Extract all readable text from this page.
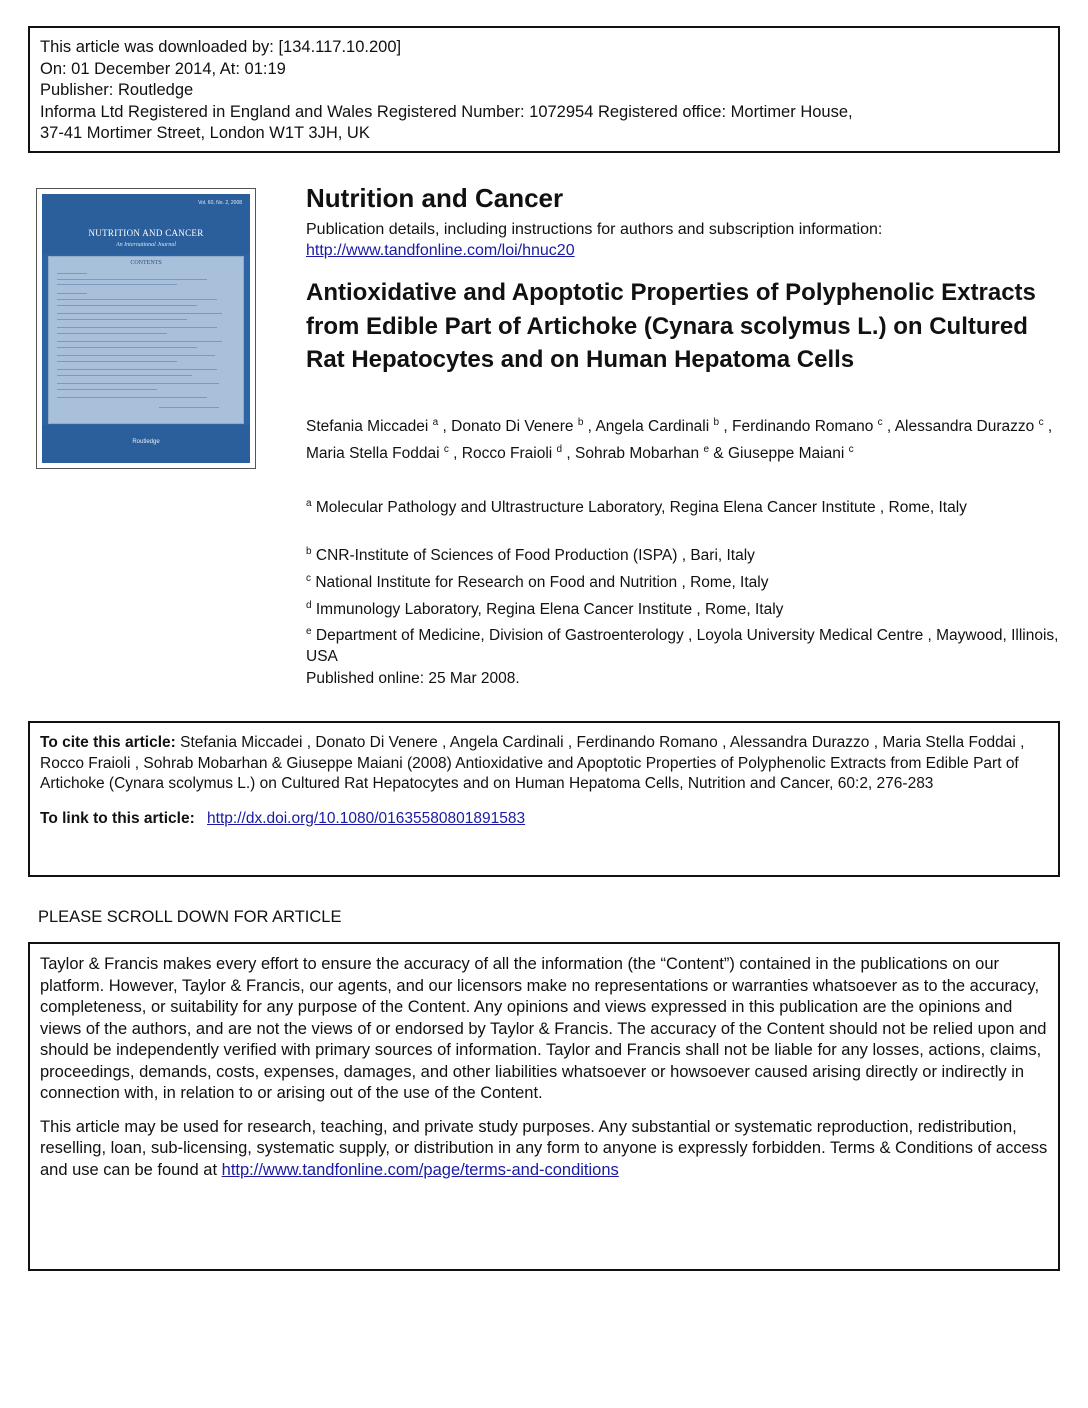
This article was downloaded by: [134.117.10.200]
On: 01 December 2014, At: 01:19
Publisher: Routledge
Informa Ltd Registered in England and Wales Registered Number: 1072954 Registered office: Mortimer House,
37-41 Mortimer Street, London W1T 3JH, UK
Vol. 60, No. 2, 2008
NUTRITION AND CANCER
An International Journal
CONTENTS
Routledge
Nutrition and Cancer
Publication details, including instructions for authors and subscription information:
http://www.tandfonline.com/loi/hnuc20
Antioxidative and Apoptotic Properties of Polyphenolic Extracts from Edible Part of Artichoke (Cynara scolymus L.) on Cultured Rat Hepatocytes and on Human Hepatoma Cells
Stefania Miccadei $^a$ , Donato Di Venere $^b$ , Angela Cardinali $^b$ , Ferdinando Romano $^c$ , Alessandra Durazzo $^c$ , Maria Stella Foddai $^c$ , Rocco Fraioli $^d$ , Sohrab Mobarhan $^e$ & Giuseppe Maiani $^c$
$^a$ Molecular Pathology and Ultrastructure Laboratory, Regina Elena Cancer Institute , Rome, Italy
$^b$ CNR-Institute of Sciences of Food Production (ISPA) , Bari, Italy
$^c$ National Institute for Research on Food and Nutrition , Rome, Italy
$^d$ Immunology Laboratory, Regina Elena Cancer Institute , Rome, Italy
$^e$ Department of Medicine, Division of Gastroenterology , Loyola University Medical Centre , Maywood, Illinois, USA
Published online: 25 Mar 2008.
To cite this article: Stefania Miccadei , Donato Di Venere , Angela Cardinali , Ferdinando Romano , Alessandra Durazzo , Maria Stella Foddai , Rocco Fraioli , Sohrab Mobarhan & Giuseppe Maiani (2008) Antioxidative and Apoptotic Properties of Polyphenolic Extracts from Edible Part of Artichoke (Cynara scolymus L.) on Cultured Rat Hepatocytes and on Human Hepatoma Cells, Nutrition and Cancer, 60:2, 276-283
To link to this article: http://dx.doi.org/10.1080/01635580801891583
PLEASE SCROLL DOWN FOR ARTICLE
Taylor & Francis makes every effort to ensure the accuracy of all the information (the “Content”) contained in the publications on our platform. However, Taylor & Francis, our agents, and our licensors make no representations or warranties whatsoever as to the accuracy, completeness, or suitability for any purpose of the Content. Any opinions and views expressed in this publication are the opinions and views of the authors, and are not the views of or endorsed by Taylor & Francis. The accuracy of the Content should not be relied upon and should be independently verified with primary sources of information. Taylor and Francis shall not be liable for any losses, actions, claims, proceedings, demands, costs, expenses, damages, and other liabilities whatsoever or howsoever caused arising directly or indirectly in connection with, in relation to or arising out of the use of the Content.
This article may be used for research, teaching, and private study purposes. Any substantial or systematic reproduction, redistribution, reselling, loan, sub-licensing, systematic supply, or distribution in any form to anyone is expressly forbidden. Terms & Conditions of access and use can be found at http://www.tandfonline.com/page/terms-and-conditions
